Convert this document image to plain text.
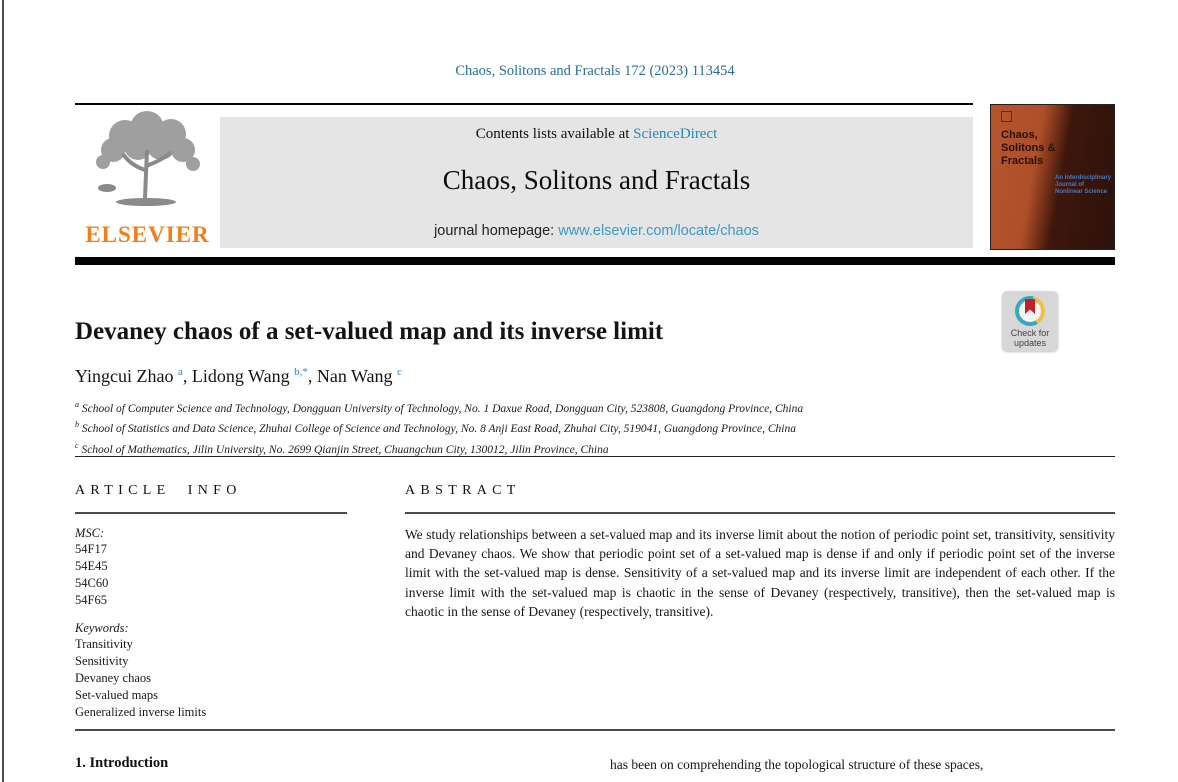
Chaos, Solitons and Fractals 172 (2023) 113454
ELSEVIER
Contents lists available at ScienceDirect
Chaos, Solitons and Fractals
journal homepage: www.elsevier.com/locate/chaos
Chaos, Solitons & Fractals
An Interdisciplinary Journal of Nonlinear Science
Check for
updates
Devaney chaos of a set-valued map and its inverse limit
Yingcui Zhao $^a$, Lidong Wang $^{b,*}$, Nan Wang $^c$
$^a$ School of Computer Science and Technology, Dongguan University of Technology, No. 1 Daxue Road, Dongguan City, 523808, Guangdong Province, China
$^b$ School of Statistics and Data Science, Zhuhai College of Science and Technology, No. 8 Anji East Road, Zhuhai City, 519041, Guangdong Province, China
$^c$ School of Mathematics, Jilin University, No. 2699 Qianjin Street, Chuangchun City, 130012, Jilin Province, China
ARTICLE INFO
MSC:
54F17
54E45
54C60
54F65
Keywords:
Transitivity
Sensitivity
Devaney chaos
Set-valued maps
Generalized inverse limits
ABSTRACT
We study relationships between a set-valued map and its inverse limit about the notion of periodic point set, transitivity, sensitivity and Devaney chaos. We show that periodic point set of a set-valued map is dense if and only if periodic point set of the inverse limit with the set-valued map is dense. Sensitivity of a set-valued map and its inverse limit are independent of each other. If the inverse limit with the set-valued map is chaotic in the sense of Devaney (respectively, transitive), then the set-valued map is chaotic in the sense of Devaney (respectively, transitive).
1. Introduction	has been on comprehending the topological structure of these spaces,
